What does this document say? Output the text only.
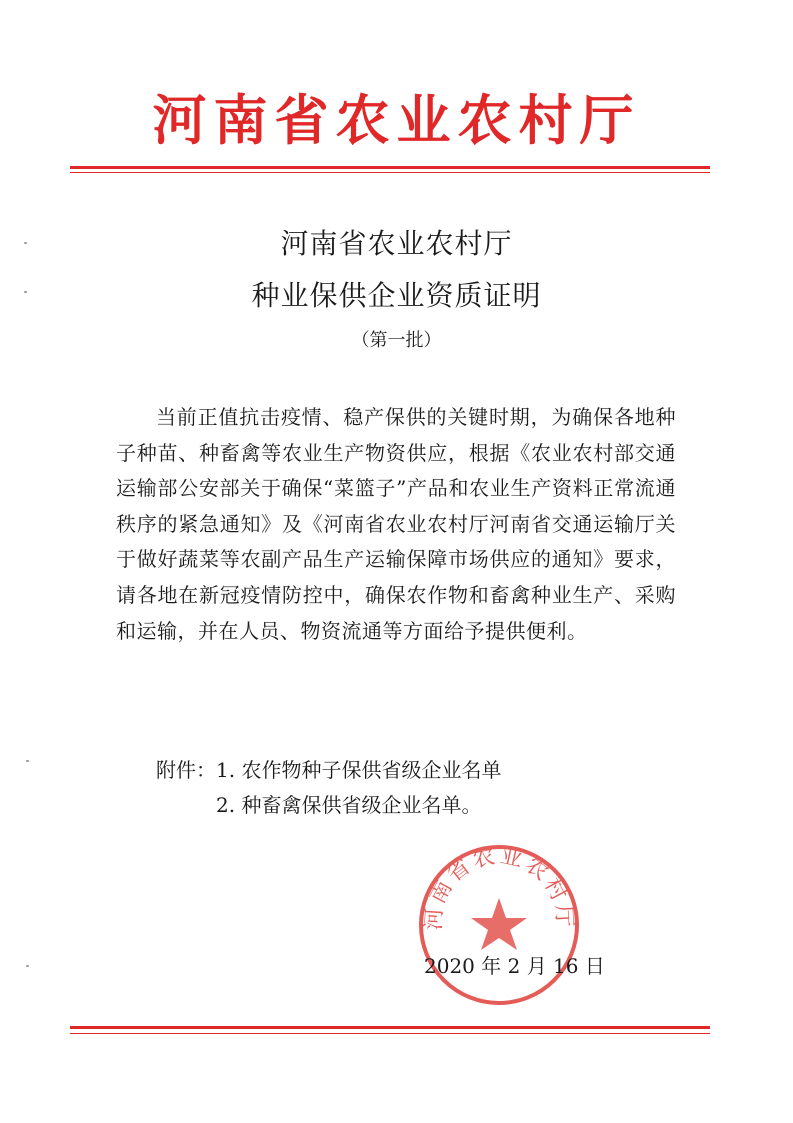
河南省农业农村厅
河南省农业农村厅
种业保供企业资质证明
（第一批）
当前正值抗击疫情、稳产保供的关键时期，为确保各地种子种苗、种畜禽等农业生产物资供应，根据《农业农村部交通运输部公安部关于确保“菜篮子”产品和农业生产资料正常流通秩序的紧急通知》及《河南省农业农村厅河南省交通运输厅关于做好蔬菜等农副产品生产运输保障市场供应的通知》要求，请各地在新冠疫情防控中，确保农作物和畜禽种业生产、采购和运输，并在人员、物资流通等方面给予提供便利。
附件： 1. 农作物种子保供省级企业名单
2. 种畜禽保供省级企业名单。
河南省农业农村厅
2020 年 2 月 16 日
